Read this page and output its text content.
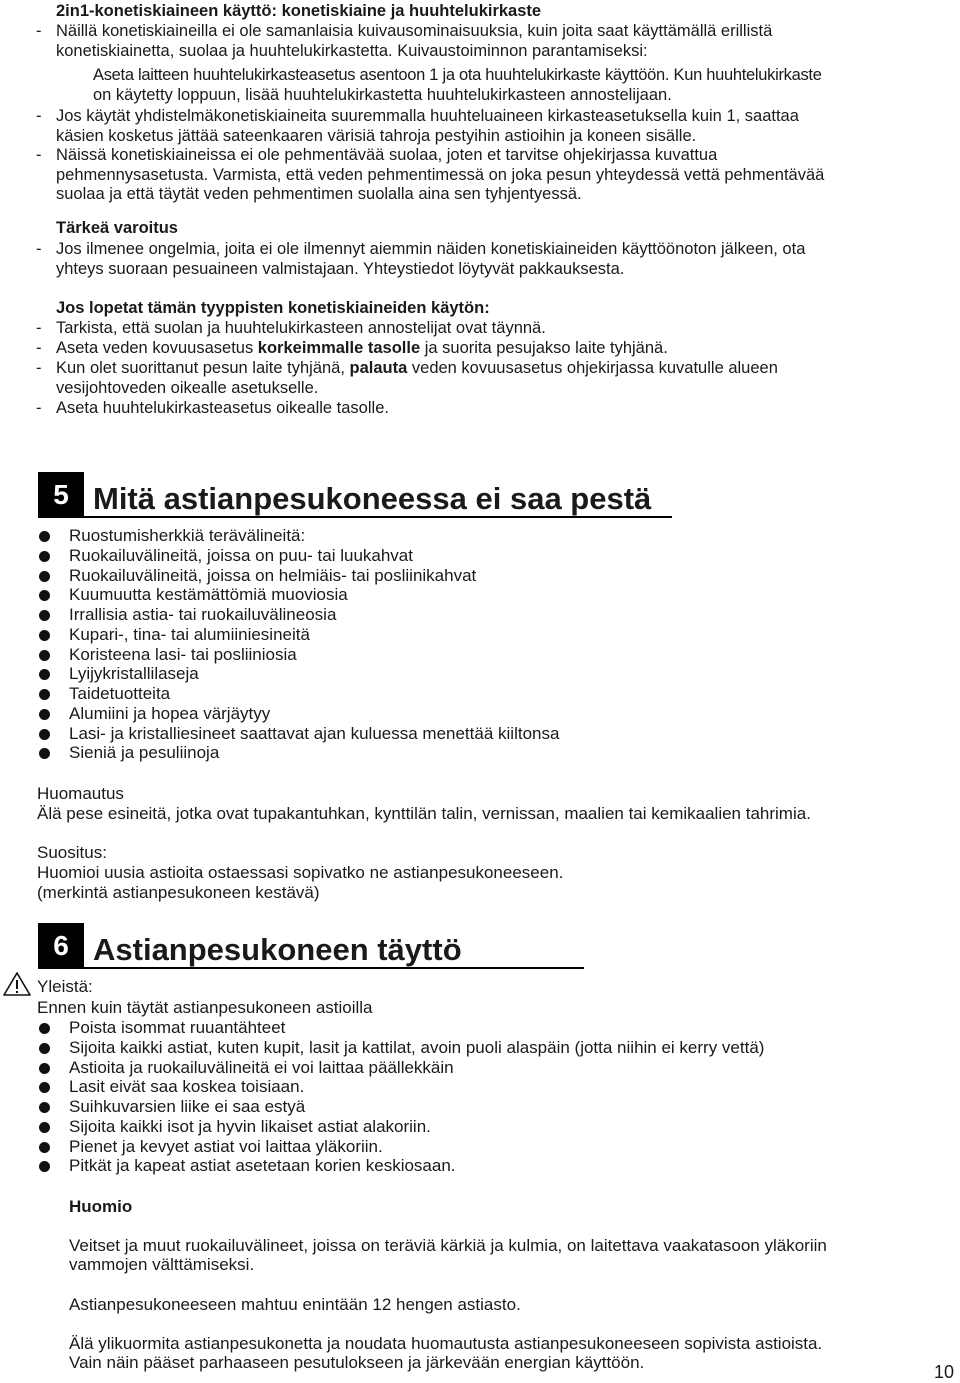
2in1-konetiskiaineen käyttö: konetiskiaine ja huuhtelukirkaste
- Näillä konetiskiaineilla ei ole samanlaisia kuivausominaisuuksia, kuin joita saat käyttämällä erillistä
konetiskiainetta, suolaa ja huuhtelukirkastetta. Kuivaustoiminnon parantamiseksi:
Aseta laitteen huuhtelukirkasteasetus asentoon 1 ja ota huuhtelukirkaste käyttöön. Kun huuhtelukirkaste
on käytetty loppuun, lisää huuhtelukirkastetta huuhtelukirkasteen annostelijaan.
- Jos käytät yhdistelmäkonetiskiaineita suuremmalla huuhteluaineen kirkasteasetuksella kuin 1, saattaa
käsien kosketus jättää sateenkaaren värisiä tahroja pestyihin astioihin ja koneen sisälle.
- Näissä konetiskiaineissa ei ole pehmentävää suolaa, joten et tarvitse ohjekirjassa kuvattua
pehmennysasetusta. Varmista, että veden pehmentimessä on joka pesun yhteydessä vettä pehmentävää
suolaa ja että täytät veden pehmentimen suolalla aina sen tyhjentyessä.
Tärkeä varoitus
- Jos ilmenee ongelmia, joita ei ole ilmennyt aiemmin näiden konetiskiaineiden käyttöönoton jälkeen, ota
yhteys suoraan pesuaineen valmistajaan. Yhteystiedot löytyvät pakkauksesta.
Jos lopetat tämän tyyppisten konetiskiaineiden käytön:
- Tarkista, että suolan ja huuhtelukirkasteen annostelijat ovat täynnä.
- Aseta veden kovuusasetus korkeimmalle tasolle ja suorita pesujakso laite tyhjänä.
- Kun olet suorittanut pesun laite tyhjänä, palauta veden kovuusasetus ohjekirjassa kuvatulle alueen
vesijohtoveden oikealle asetukselle.
- Aseta huuhtelukirkasteasetus oikealle tasolle.
5 Mitä astianpesukoneessa ei saa pestä
Ruostumisherkkiä terävälineitä:
Ruokailuvälineitä, joissa on puu- tai luukahvat
Ruokailuvälineitä, joissa on helmiäis- tai posliinikahvat
Kuumuutta kestämättömiä muoviosia
Irrallisia astia- tai ruokailuvälineosia
Kupari-, tina- tai alumiiniesineitä
Koristeena lasi- tai posliiniosia
Lyijykristallilaseja
Taidetuotteita
Alumiini ja hopea värjäytyy
Lasi- ja kristalliesineet saattavat ajan kuluessa menettää kiiltonsa
Sieniä ja pesuliinoja
Huomautus
Älä pese esineitä, jotka ovat tupakantuhkan, kynttilän talin, vernissan, maalien tai kemikaalien tahrimia.
Suositus:
Huomioi uusia astioita ostaessasi sopivatko ne astianpesukoneeseen.
(merkintä astianpesukoneen kestävä)
6 Astianpesukoneen täyttö
Yleistä:
Ennen kuin täytät astianpesukoneen astioilla
Poista isommat ruuantähteet
Sijoita kaikki astiat, kuten kupit, lasit ja kattilat, avoin puoli alaspäin (jotta niihin ei kerry vettä)
Astioita ja ruokailuvälineitä ei voi laittaa päällekkäin
Lasit eivät saa koskea toisiaan.
Suihkuvarsien liike ei saa estyä
Sijoita kaikki isot ja hyvin likaiset astiat alakoriin.
Pienet ja kevyet astiat voi laittaa yläkoriin.
Pitkät ja kapeat astiat asetetaan korien keskiosaan.
Huomio
Veitset ja muut ruokailuvälineet, joissa on teräviä kärkiä ja kulmia, on laitettava vaakatasoon yläkoriin
vammojen välttämiseksi.
Astianpesukoneeseen mahtuu enintään 12 hengen astiasto.
Älä ylikuormita astianpesukonetta ja noudata huomautusta astianpesukoneeseen sopivista astioista.
Vain näin pääset parhaaseen pesutulokseen ja järkevään energian käyttöön.	10
